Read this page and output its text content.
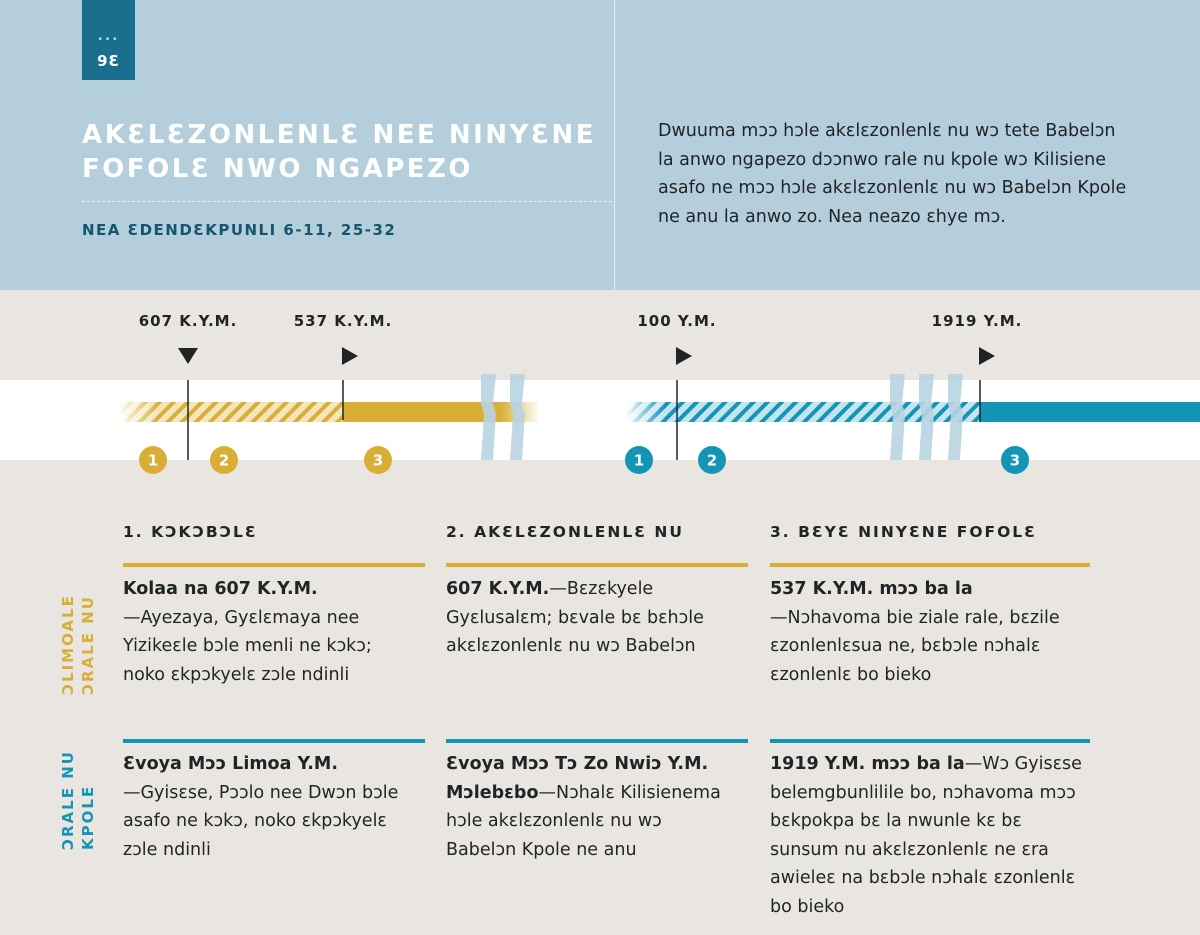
•••
9Ɛ
AKƐLƐZONLENLƐ NEE NINYƐNE FOFOLƐ NWO NGAPEZO
NEA ƐDENDƐKPUNLI 6-11, 25-32

Dwuuma mɔɔ hɔle akɛlɛzonlenlɛ nu wɔ tete Babelɔn la anwo ngapezo dɔɔnwo rale nu kpole wɔ Kilisiene asafo ne mɔɔ hɔle akɛlɛzonlenlɛ nu wɔ Babelɔn Kpole ne anu la anwo zo. Nea neazo ɛhye mɔ.

607 K.Y.M.	537 K.Y.M.	100 Y.M.	1919 Y.M.
1	2	3	1	2	3
1. KƆKƆBƆLƐ	2. AKƐLƐZONLENLƐ NU	3. BƐYƐ NINYƐNE FOFOLƐ
ƆLIMOALE ƆRALE NU
ƆRALE NU KPOLE

Kolaa na 607 K.Y.M.
—Ayezaya, Gyɛlɛmaya nee Yizikeɛle bɔle menli ne kɔkɔ; noko ɛkpɔkyelɛ zɔle ndinli

607 K.Y.M.—Bɛzɛkyele Gyɛlusalɛm; bɛvale bɛ bɛhɔle akɛlɛzonlenlɛ nu wɔ Babelɔn

537 K.Y.M. mɔɔ ba la
—Nɔhavoma bie ziale rale, bɛzile ɛzonlenlɛsua ne, bɛbɔle nɔhalɛ ɛzonlenlɛ bo bieko

Ɛvoya Mɔɔ Limoa Y.M.
—Gyisɛse, Pɔɔlo nee Dwɔn bɔle asafo ne kɔkɔ, noko ɛkpɔkyelɛ zɔle ndinli

Ɛvoya Mɔɔ Tɔ Zo Nwiɔ Y.M.
Mɔlebɛbo—Nɔhalɛ Kilisienema hɔle akɛlɛzonlenlɛ nu wɔ Babelɔn Kpole ne anu

1919 Y.M. mɔɔ ba la—Wɔ Gyisɛse belemgbunlilile bo, nɔhavoma mɔɔ bɛkpokpa bɛ la nwunle kɛ bɛ sunsum nu akɛlɛzonlenlɛ ne ɛra awieleɛ na bɛbɔle nɔhalɛ ɛzonlenlɛ bo bieko
